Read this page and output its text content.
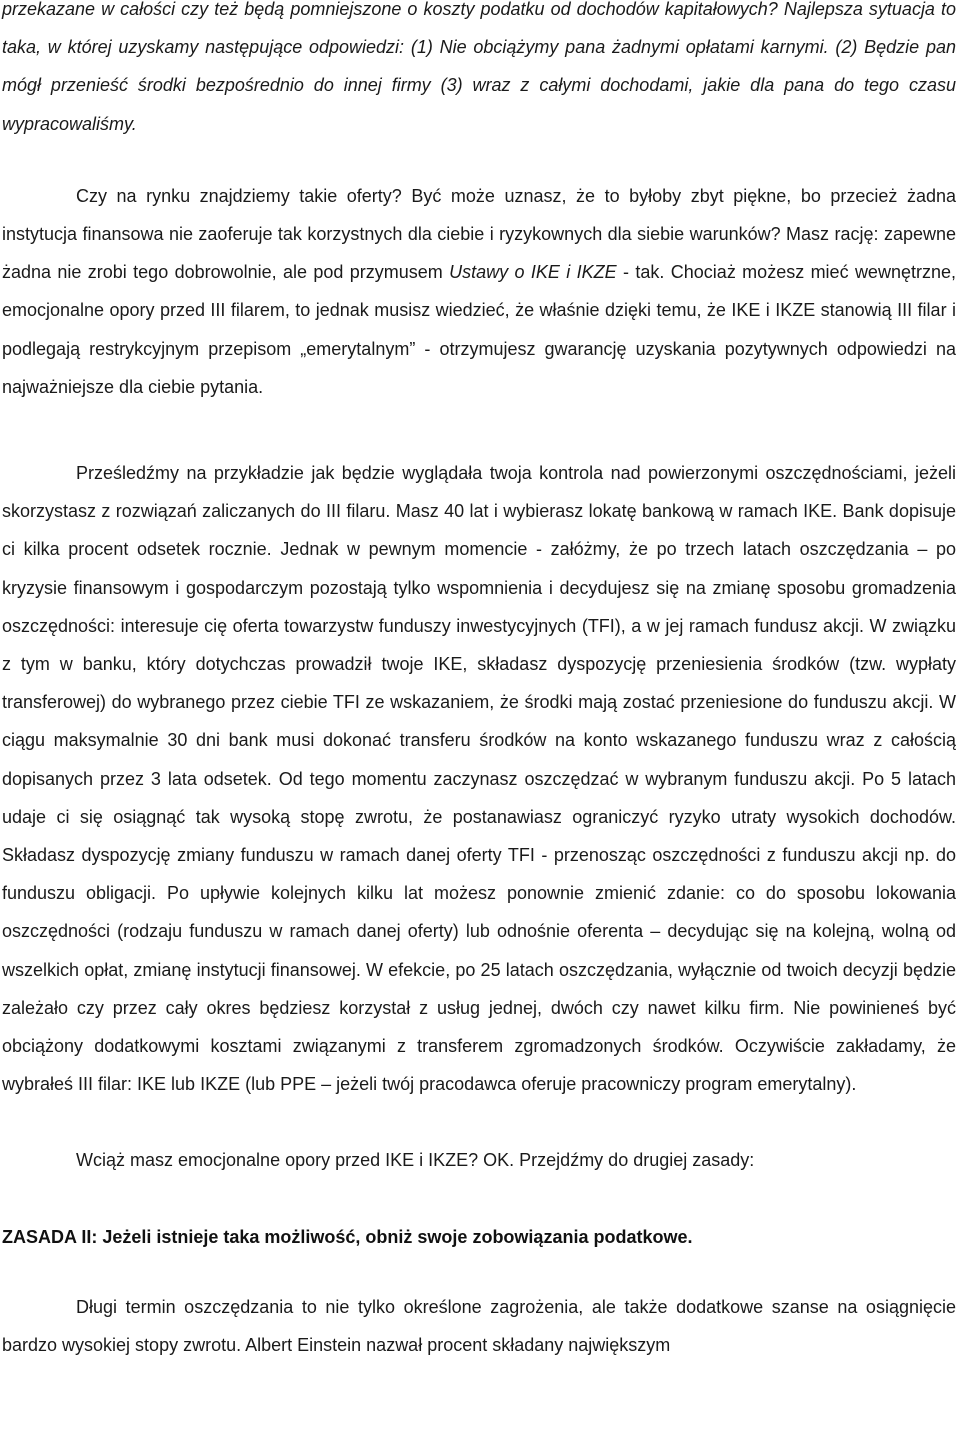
przekazane w całości czy też będą pomniejszone o koszty podatku od dochodów kapitałowych? Najlepsza sytuacja to taka, w której uzyskamy następujące odpowiedzi: (1) Nie obciążymy pana żadnymi opłatami karnymi. (2) Będzie pan mógł przenieść środki bezpośrednio do innej firmy (3) wraz z całymi dochodami, jakie dla pana do tego czasu wypracowaliśmy.

Czy na rynku znajdziemy takie oferty? Być może uznasz, że to byłoby zbyt piękne, bo przecież żadna instytucja finansowa nie zaoferuje tak korzystnych dla ciebie i ryzykownych dla siebie warunków? Masz rację: zapewne żadna nie zrobi tego dobrowolnie, ale pod przymusem Ustawy o IKE i IKZE - tak. Chociaż możesz mieć wewnętrzne, emocjonalne opory przed III filarem, to jednak musisz wiedzieć, że właśnie dzięki temu, że IKE i IKZE stanowią III filar i podlegają restrykcyjnym przepisom „emerytalnym” - otrzymujesz gwarancję uzyskania pozytywnych odpowiedzi na najważniejsze dla ciebie pytania.

Prześledźmy na przykładzie jak będzie wyglądała twoja kontrola nad powierzonymi oszczędnościami, jeżeli skorzystasz z rozwiązań zaliczanych do III filaru. Masz 40 lat i wybierasz lokatę bankową w ramach IKE. Bank dopisuje ci kilka procent odsetek rocznie. Jednak w pewnym momencie - załóżmy, że po trzech latach oszczędzania – po kryzysie finansowym i gospodarczym pozostają tylko wspomnienia i decydujesz się na zmianę sposobu gromadzenia oszczędności: interesuje cię oferta towarzystw funduszy inwestycyjnych (TFI), a w jej ramach fundusz akcji. W związku z tym w banku, który dotychczas prowadził twoje IKE, składasz dyspozycję przeniesienia środków (tzw. wypłaty transferowej) do wybranego przez ciebie TFI ze wskazaniem, że środki mają zostać przeniesione do funduszu akcji. W ciągu maksymalnie 30 dni bank musi dokonać transferu środków na konto wskazanego funduszu wraz z całością dopisanych przez 3 lata odsetek. Od tego momentu zaczynasz oszczędzać w wybranym funduszu akcji. Po 5 latach udaje ci się osiągnąć tak wysoką stopę zwrotu, że postanawiasz ograniczyć ryzyko utraty wysokich dochodów. Składasz dyspozycję zmiany funduszu w ramach danej oferty TFI - przenosząc oszczędności z funduszu akcji np. do funduszu obligacji. Po upływie kolejnych kilku lat możesz ponownie zmienić zdanie: co do sposobu lokowania oszczędności (rodzaju funduszu w ramach danej oferty) lub odnośnie oferenta – decydując się na kolejną, wolną od wszelkich opłat, zmianę instytucji finansowej. W efekcie, po 25 latach oszczędzania, wyłącznie od twoich decyzji będzie zależało czy przez cały okres będziesz korzystał z usług jednej, dwóch czy nawet kilku firm. Nie powinieneś być obciążony dodatkowymi kosztami związanymi z transferem zgromadzonych środków. Oczywiście zakładamy, że wybrałeś III filar: IKE lub IKZE (lub PPE – jeżeli twój pracodawca oferuje pracowniczy program emerytalny).

Wciąż masz emocjonalne opory przed IKE i IKZE? OK. Przejdźmy do drugiej zasady:

ZASADA II: Jeżeli istnieje taka możliwość, obniż swoje zobowiązania podatkowe.

Długi termin oszczędzania to nie tylko określone zagrożenia, ale także dodatkowe szanse na osiągnięcie bardzo wysokiej stopy zwrotu. Albert Einstein nazwał procent składany największym
